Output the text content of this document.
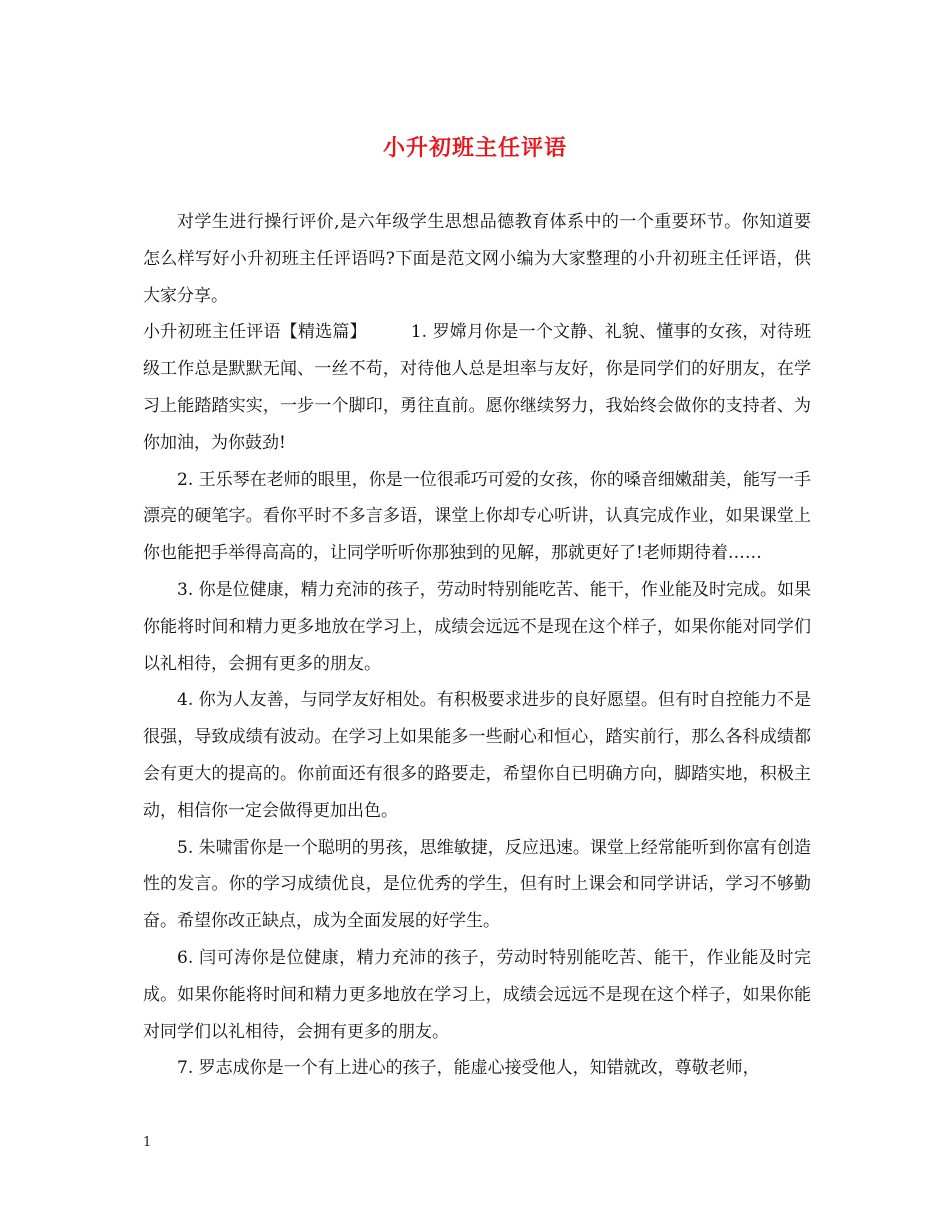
小升初班主任评语

对学生进行操行评价,是六年级学生思想品德教育体系中的一个重要环节。你知道要怎么样写好小升初班主任评语吗?下面是范文网小编为大家整理的小升初班主任评语，供大家分享。

小升初班主任评语【精选篇】	1. 罗嫦月你是一个文静、礼貌、懂事的女孩，对待班级工作总是默默无闻、一丝不苟，对待他人总是坦率与友好，你是同学们的好朋友，在学习上能踏踏实实，一步一个脚印，勇往直前。愿你继续努力，我始终会做你的支持者、为你加油，为你鼓劲!

2. 王乐琴在老师的眼里，你是一位很乖巧可爱的女孩，你的嗓音细嫩甜美，能写一手漂亮的硬笔字。看你平时不多言多语，课堂上你却专心听讲，认真完成作业，如果课堂上你也能把手举得高高的，让同学听听你那独到的见解，那就更好了!老师期待着……

3. 你是位健康，精力充沛的孩子，劳动时特别能吃苦、能干，作业能及时完成。如果你能将时间和精力更多地放在学习上，成绩会远远不是现在这个样子，如果你能对同学们以礼相待，会拥有更多的朋友。

4. 你为人友善，与同学友好相处。有积极要求进步的良好愿望。但有时自控能力不是很强，导致成绩有波动。在学习上如果能多一些耐心和恒心，踏实前行，那么各科成绩都会有更大的提高的。你前面还有很多的路要走，希望你自已明确方向，脚踏实地，积极主动，相信你一定会做得更加出色。

5. 朱啸雷你是一个聪明的男孩，思维敏捷，反应迅速。课堂上经常能听到你富有创造性的发言。你的学习成绩优良，是位优秀的学生，但有时上课会和同学讲话，学习不够勤奋。希望你改正缺点，成为全面发展的好学生。

6. 闫可涛你是位健康，精力充沛的孩子，劳动时特别能吃苦、能干，作业能及时完成。如果你能将时间和精力更多地放在学习上，成绩会远远不是现在这个样子，如果你能对同学们以礼相待，会拥有更多的朋友。

7. 罗志成你是一个有上进心的孩子，能虚心接受他人，知错就改，尊敬老师，

1
